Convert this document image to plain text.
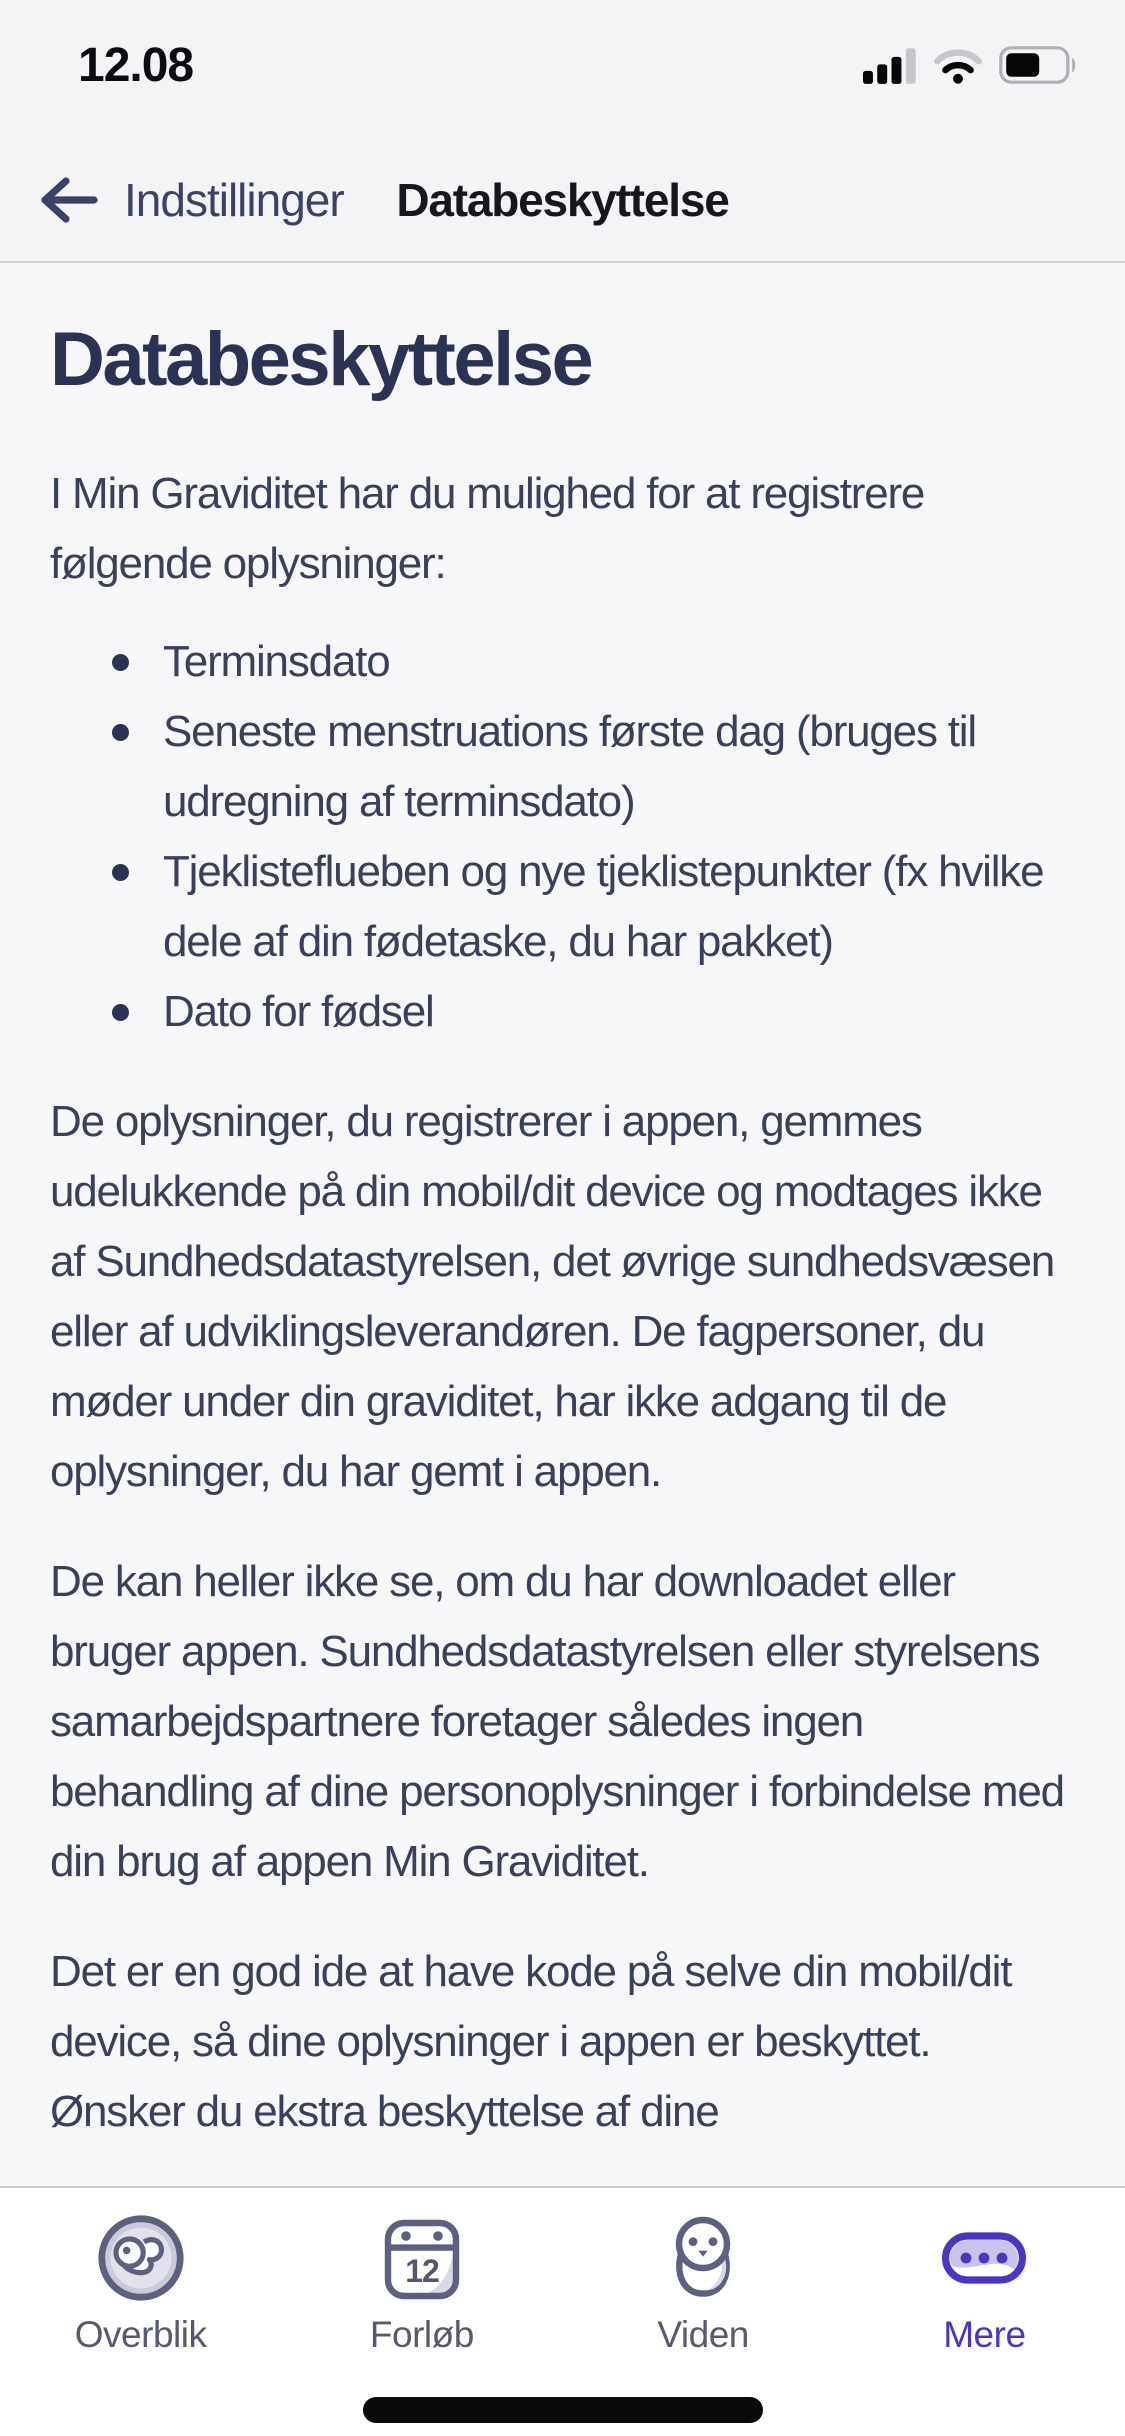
12.08
Indstillinger Databeskyttelse
Databeskyttelse

I Min Graviditet har du mulighed for at registrere følgende oplysninger:

Terminsdato
Seneste menstruations første dag (bruges til udregning af terminsdato)
Tjeklisteflueben og nye tjeklistepunkter (fx hvilke dele af din fødetaske, du har pakket)
Dato for fødsel

De oplysninger, du registrerer i appen, gemmes udelukkende på din mobil/dit device og modtages ikke af Sundhedsdatastyrelsen, det øvrige sundhedsvæsen eller af udviklingsleverandøren. De fagpersoner, du møder under din graviditet, har ikke adgang til de oplysninger, du har gemt i appen.

De kan heller ikke se, om du har downloadet eller bruger appen. Sundhedsdatastyrelsen eller styrelsens samarbejdspartnere foretager således ingen behandling af dine personoplysninger i forbindelse med din brug af appen Min Graviditet.

Det er en god ide at have kode på selve din mobil/dit device, så dine oplysninger i appen er beskyttet. Ønsker du ekstra beskyttelse af dine

Overblik
12
Forløb	Viden	Mere
